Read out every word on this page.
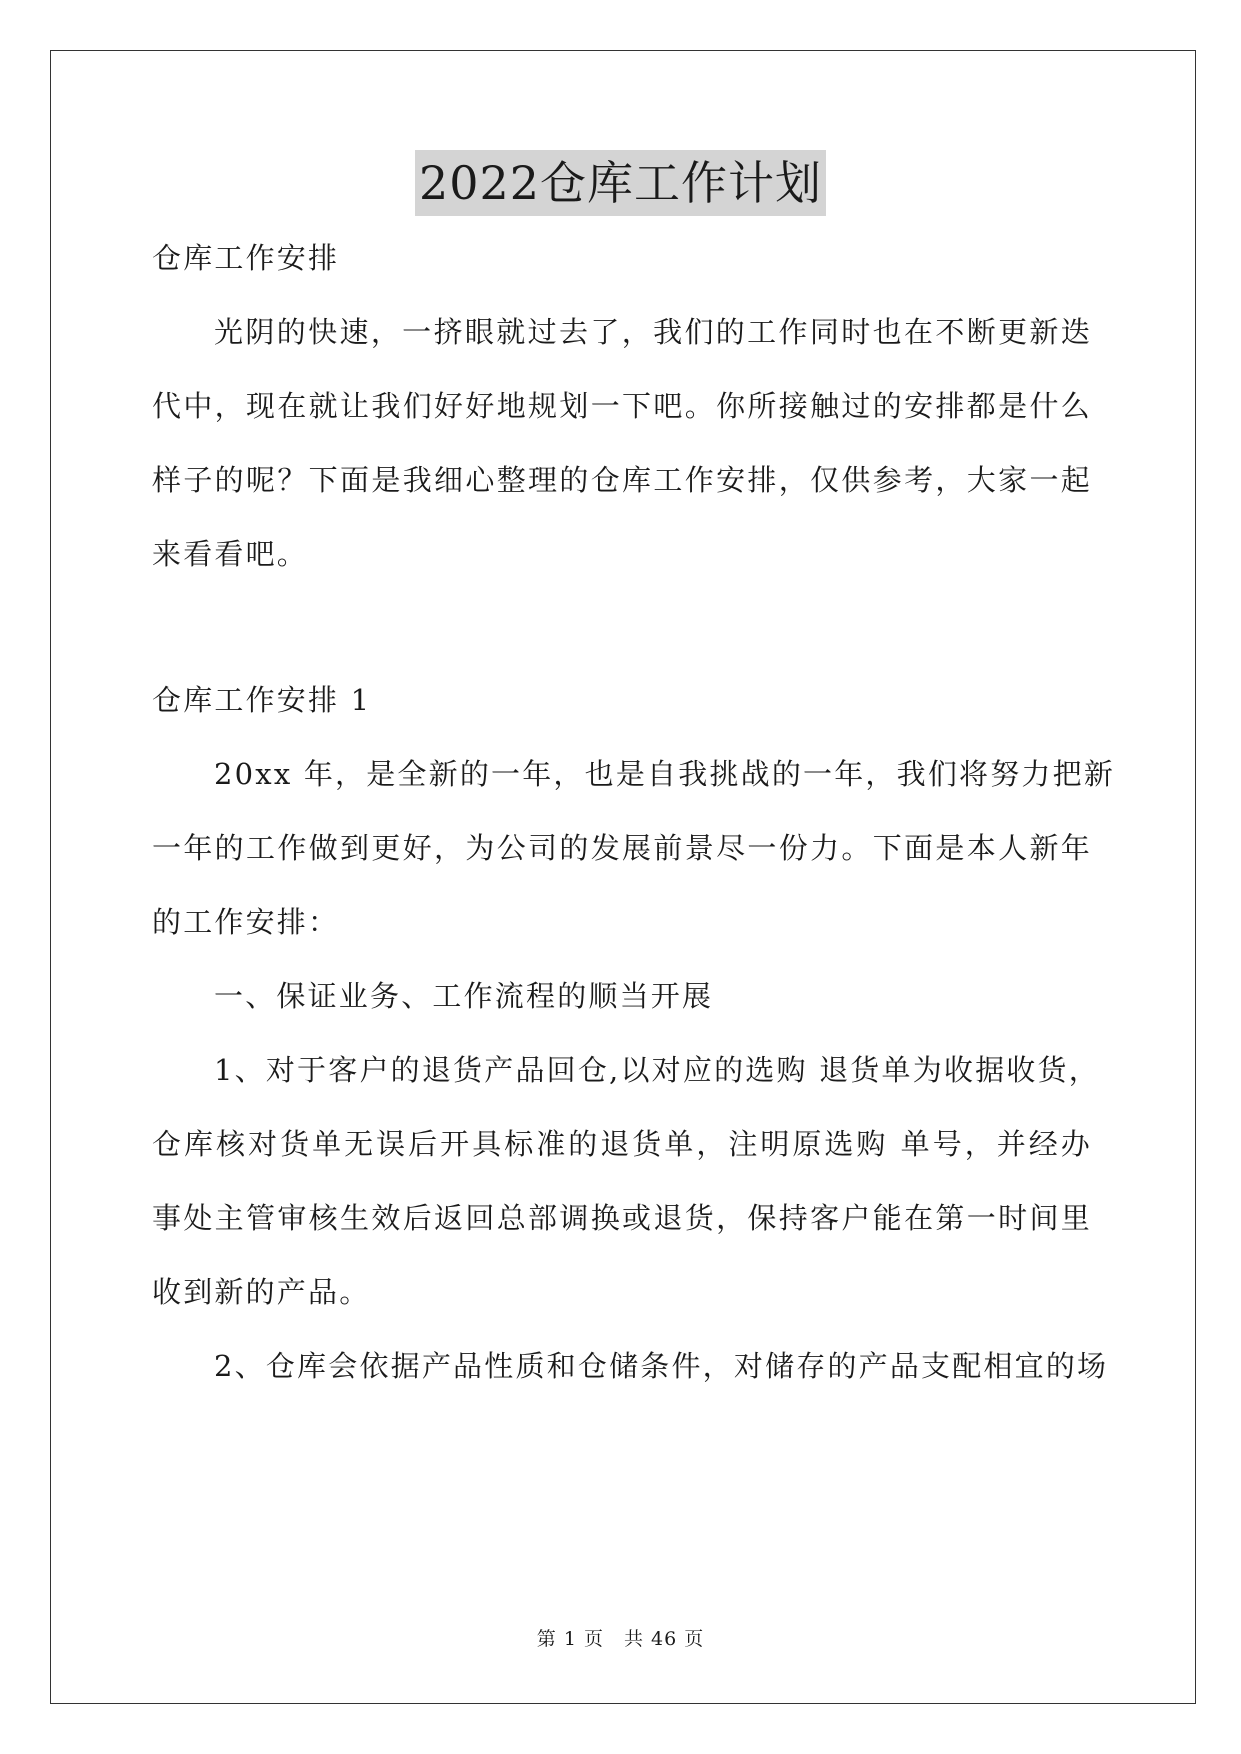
2022仓库工作计划
仓库工作安排
光阴的快速，一挤眼就过去了，我们的工作同时也在不断更新迭
代中，现在就让我们好好地规划一下吧。你所接触过的安排都是什么
样子的呢？下面是我细心整理的仓库工作安排，仅供参考，大家一起
来看看吧。
仓库工作安排 1
20xx 年，是全新的一年，也是自我挑战的一年，我们将努力把新
一年的工作做到更好，为公司的发展前景尽一份力。下面是本人新年
的工作安排：
一、保证业务、工作流程的顺当开展
1、对于客户的退货产品回仓,以对应的选购 退货单为收据收货，
仓库核对货单无误后开具标准的退货单，注明原选购 单号，并经办
事处主管审核生效后返回总部调换或退货，保持客户能在第一时间里
收到新的产品。
2、仓库会依据产品性质和仓储条件，对储存的产品支配相宜的场
第 1 页 共 46 页
